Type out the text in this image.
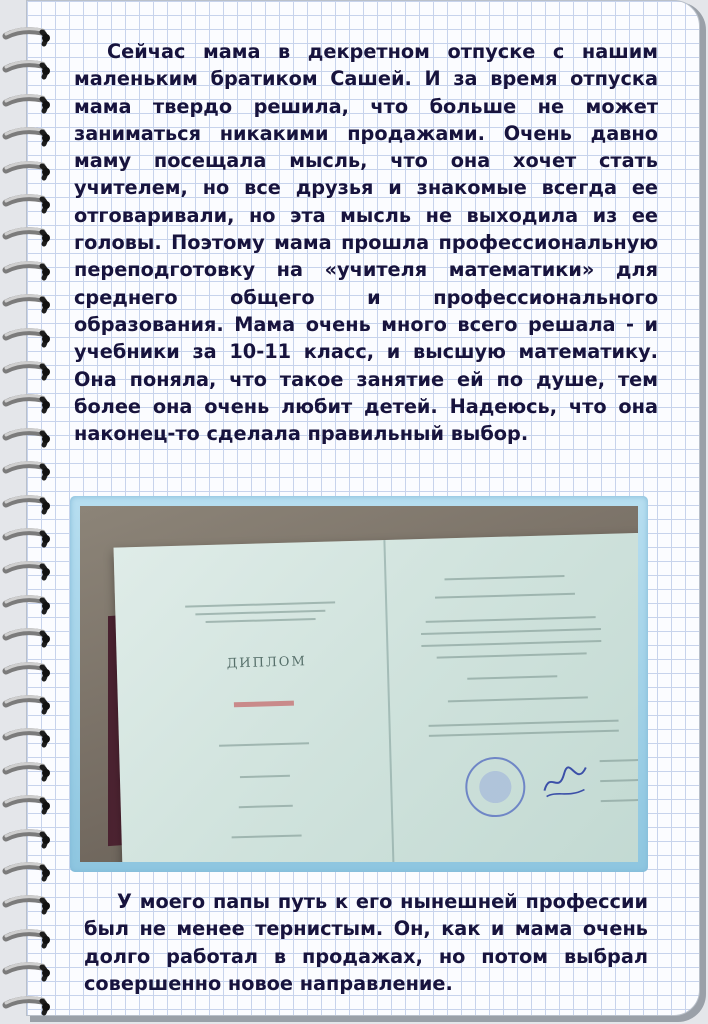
Сейчас мама в декретном отпуске с нашим маленьким братиком Сашей. И за время отпуска мама твердо решила, что больше не может заниматься никакими продажами. Очень давно маму посещала мысль, что она хочет стать учителем, но все друзья и знакомые всегда ее отговаривали, но эта мысль не выходила из ее головы. Поэтому мама прошла профессиональную переподготовку на «учителя математики» для среднего общего и профессионального образования. Мама очень много всего решала - и учебники за 10-11 класс, и высшую математику. Она поняла, что такое занятие ей по душе, тем более она очень любит детей. Надеюсь, что она наконец-то сделала правильный выбор.

ДИПЛОМ

У моего папы путь к его нынешней профессии был не менее тернистым. Он, как и мама очень долго работал в продажах, но потом выбрал совершенно новое направление.
